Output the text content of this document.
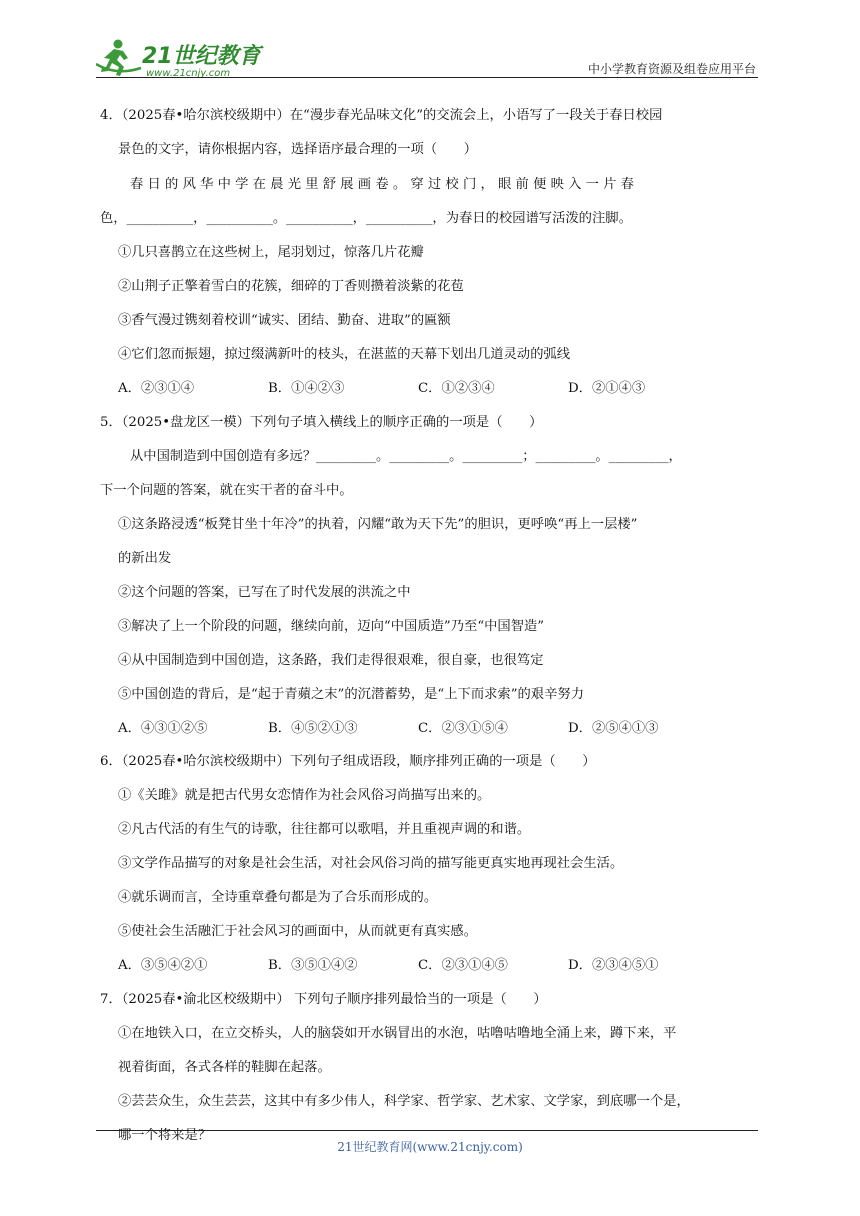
21世纪教育
www.21cnjy.com	中小学教育资源及组卷应用平台
4．（2025春•哈尔滨校级期中）在“漫步春光品味文化”的交流会上，小语写了一段关于春日校园
景色的文字，请你根据内容，选择语序最合理的一项（　　）
春 日 的 风 华 中 学 在 晨 光 里 舒 展 画 卷 。 穿 过 校 门 ， 眼 前 便 映 入 一 片 春
色，__________，__________。__________，__________，为春日的校园谱写活泼的注脚。
①几只喜鹊立在这些树上，尾羽划过，惊落几片花瓣
②山荆子正擎着雪白的花簇，细碎的丁香则攒着淡紫的花苞
③香气漫过镌刻着校训“诚实、团结、勤奋、进取”的匾额
④它们忽而振翅，掠过缀满新叶的枝头，在湛蓝的天幕下划出几道灵动的弧线
5．（2025•盘龙区一模）下列句子填入横线上的顺序正确的一项是（　　）
从中国制造到中国创造有多远？_________。_________。_________；_________。_________，
下一个问题的答案，就在实干者的奋斗中。
①这条路浸透“板凳甘坐十年冷”的执着，闪耀“敢为天下先”的胆识，更呼唤“再上一层楼”
的新出发
②这个问题的答案，已写在了时代发展的洪流之中
③解决了上一个阶段的问题，继续向前，迈向“中国质造”乃至“中国智造”
④从中国制造到中国创造，这条路，我们走得很艰难，很自豪，也很笃定
⑤中国创造的背后，是“起于青蘋之末”的沉潜蓄势，是“上下而求索”的艰辛努力
6．（2025春•哈尔滨校级期中）下列句子组成语段，顺序排列正确的一项是（　　）
①《关雎》就是把古代男女恋情作为社会风俗习尚描写出来的。
②凡古代活的有生气的诗歌，往往都可以歌唱，并且重视声调的和谐。
③文学作品描写的对象是社会生活，对社会风俗习尚的描写能更真实地再现社会生活。
④就乐调而言，全诗重章叠句都是为了合乐而形成的。
⑤使社会生活融汇于社会风习的画面中，从而就更有真实感。
7．（2025春•渝北区校级期中） 下列句子顺序排列最恰当的一项是（　　）
①在地铁入口，在立交桥头，人的脑袋如开水锅冒出的水泡，咕噜咕噜地全涌上来，蹲下来，平
视着街面，各式各样的鞋脚在起落。
②芸芸众生，众生芸芸，这其中有多少伟人，科学家、哲学家、艺术家、文学家，到底哪一个是，
哪一个将来是？
A．②③①④	B．①④②③	C．①②③④	D．②①④③
A．④③①②⑤	B．④⑤②①③	C．②③①⑤④	D．②⑤④①③
A．③⑤④②①	B．③⑤①④②	C．②③①④⑤	D．②③④⑤①
21世纪教育网(www.21cnjy.com)
